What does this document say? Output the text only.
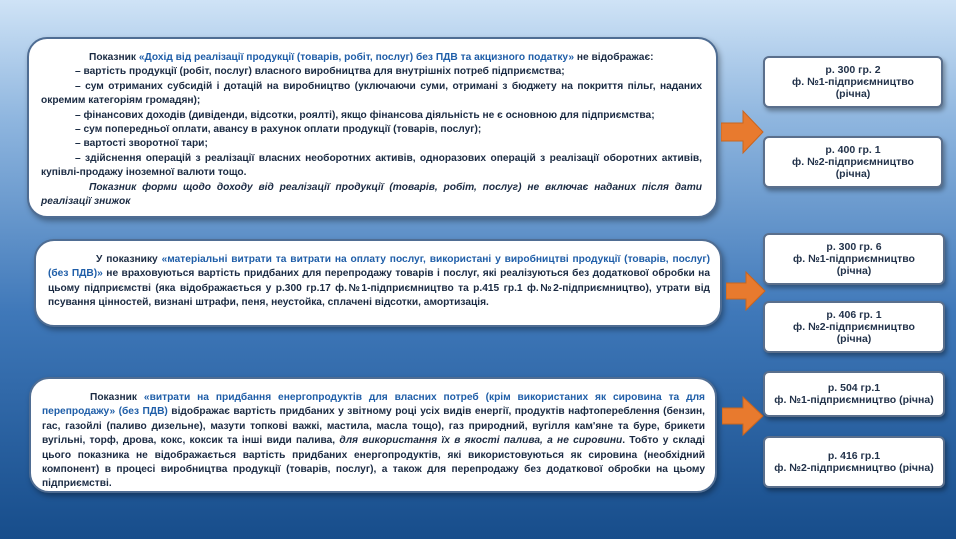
Показник «Дохід від реалізації продукції (товарів, робіт, послуг) без ПДВ та акцизного податку» не відображає:

– вартість продукції (робіт, послуг) власного виробництва для внутрішніх потреб підприємства;

– сум отриманих субсидій і дотацій на виробництво (уключаючи суми, отримані з бюджету на покриття пільг, наданих окремим категоріям громадян);

– фінансових доходів (дивіденди, відсотки, роялті), якщо фінансова діяльність не є основною для підприємства;

– сум попередньої оплати, авансу в рахунок оплати продукції (товарів, послуг);

– вартості зворотної тари;

– здійснення операцій з реалізації власних необоротних активів, одноразових операцій з реалізації оборотних активів, купівлі-продажу іноземної валюти тощо.

Показник форми щодо доходу від реалізації продукції (товарів, робіт, послуг) не включає наданих після дати реалізації знижок

У показнику «матеріальні витрати та витрати на оплату послуг, використані у виробництві продукції (товарів, послуг)(без ПДВ)» не враховуються вартість придбаних для перепродажу товарів і послуг, які реалізуються без додаткової обробки на цьому підприємстві (яка відображається у р.300 гр.17 ф.№1-підприємництво та р.415 гр.1 ф.№2-підприємництво), утрати від псування цінностей, визнані штрафи, пеня, неустойка, сплачені відсотки, амортизація.

Показник «витрати на придбання енергопродуктів для власних потреб (крім використаних як сировина та для перепродажу» (без ПДВ) відображає вартість придбаних у звітному році усіх видів енергії, продуктів нафтопереблення (бензин, гас, газойлі (паливо дизельне), мазути топкові важкі, мастила, масла тощо), газ природний, вугілля кам'яне та буре, брикети вугільні, торф, дрова, кокс, коксик та інші види палива, для використання їх в якості палива, а не сировини. Тобто у складі цього показника не відображається вартість придбаних енергопродуктів, які використовуються як сировина (необхідний компонент) в процесі виробництва продукції (товарів, послуг), а також для перепродажу без додаткової обробки на цьому підприємстві.

р. 300 гр. 2
ф. №1-підприємництво
(річна)
р. 400 гр. 1
ф. №2-підприємництво
(річна)
р. 300 гр. 6
ф. №1-підприємництво
(річна)
р. 406 гр. 1
ф. №2-підприємництво
(річна)
р. 504 гр.1
ф. №1-підприємництво (річна)
р. 416 гр.1
ф. №2-підприємництво (річна)
